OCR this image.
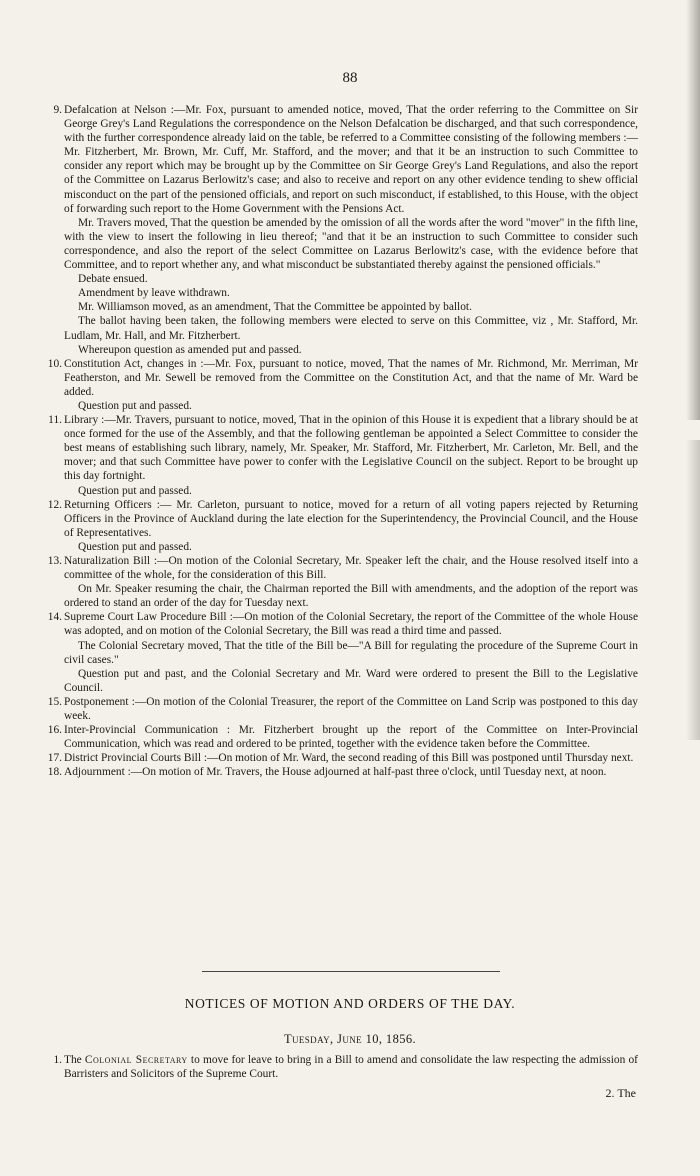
88
9. Defalcation at Nelson :—Mr. Fox, pursuant to amended notice, moved, That the order referring to the Committee on Sir George Grey's Land Regulations the correspondence on the Nelson Defalcation be discharged, and that such correspondence, with the further correspondence already laid on the table, be referred to a Committee consisting of the following members :—Mr. Fitzherbert, Mr. Brown, Mr. Cuff, Mr. Stafford, and the mover; and that it be an instruction to such Committee to consider any report which may be brought up by the Committee on Sir George Grey's Land Regulations, and also the report of the Committee on Lazarus Berlowitz's case; and also to receive and report on any other evidence tending to shew official misconduct on the part of the pensioned officials, and report on such misconduct, if established, to this House, with the object of forwarding such report to the Home Government with the Pensions Act.

Mr. Travers moved, That the question be amended by the omission of all the words after the word "mover" in the fifth line, with the view to insert the following in lieu thereof; "and that it be an instruction to such Committee to consider such correspondence, and also the report of the select Committee on Lazarus Berlowitz's case, with the evidence before that Committee, and to report whether any, and what misconduct be substantiated thereby against the pensioned officials."

Debate ensued.

Amendment by leave withdrawn.

Mr. Williamson moved, as an amendment, That the Committee be appointed by ballot.

The ballot having been taken, the following members were elected to serve on this Committee, viz , Mr. Stafford, Mr. Ludlam, Mr. Hall, and Mr. Fitzherbert.

Whereupon question as amended put and passed.

10. Constitution Act, changes in :—Mr. Fox, pursuant to notice, moved, That the names of Mr. Richmond, Mr. Merriman, Mr Featherston, and Mr. Sewell be removed from the Committee on the Constitution Act, and that the name of Mr. Ward be added.

Question put and passed.

11. Library :—Mr. Travers, pursuant to notice, moved, That in the opinion of this House it is expedient that a library should be at once formed for the use of the Assembly, and that the following gentleman be appointed a Select Committee to consider the best means of establishing such library, namely, Mr. Speaker, Mr. Stafford, Mr. Fitzherbert, Mr. Carleton, Mr. Bell, and the mover; and that such Committee have power to confer with the Legislative Council on the subject. Report to be brought up this day fortnight.

Question put and passed.

12. Returning Officers :— Mr. Carleton, pursuant to notice, moved for a return of all voting papers rejected by Returning Officers in the Province of Auckland during the late election for the Superintendency, the Provincial Council, and the House of Representatives.

Question put and passed.

13. Naturalization Bill :—On motion of the Colonial Secretary, Mr. Speaker left the chair, and the House resolved itself into a committee of the whole, for the consideration of this Bill.

On Mr. Speaker resuming the chair, the Chairman reported the Bill with amendments, and the adoption of the report was ordered to stand an order of the day for Tuesday next.

14. Supreme Court Law Procedure Bill :—On motion of the Colonial Secretary, the report of the Committee of the whole House was adopted, and on motion of the Colonial Secretary, the Bill was read a third time and passed.

The Colonial Secretary moved, That the title of the Bill be—"A Bill for regulating the procedure of the Supreme Court in civil cases."

Question put and past, and the Colonial Secretary and Mr. Ward were ordered to present the Bill to the Legislative Council.

15. Postponement :—On motion of the Colonial Treasurer, the report of the Committee on Land Scrip was postponed to this day week.

16. Inter-Provincial Communication : Mr. Fitzherbert brought up the report of the Committee on Inter-Provincial Communication, which was read and ordered to be printed, together with the evidence taken before the Committee.

17. District Provincial Courts Bill :—On motion of Mr. Ward, the second reading of this Bill was postponed until Thursday next.

18. Adjournment :—On motion of Mr. Travers, the House adjourned at half-past three o'clock, until Tuesday next, at noon.

NOTICES OF MOTION AND ORDERS OF THE DAY.
Tuesday, June 10, 1856.
1. The Colonial Secretary to move for leave to bring in a Bill to amend and consolidate the law respecting the admission of Barristers and Solicitors of the Supreme Court.

2. The
